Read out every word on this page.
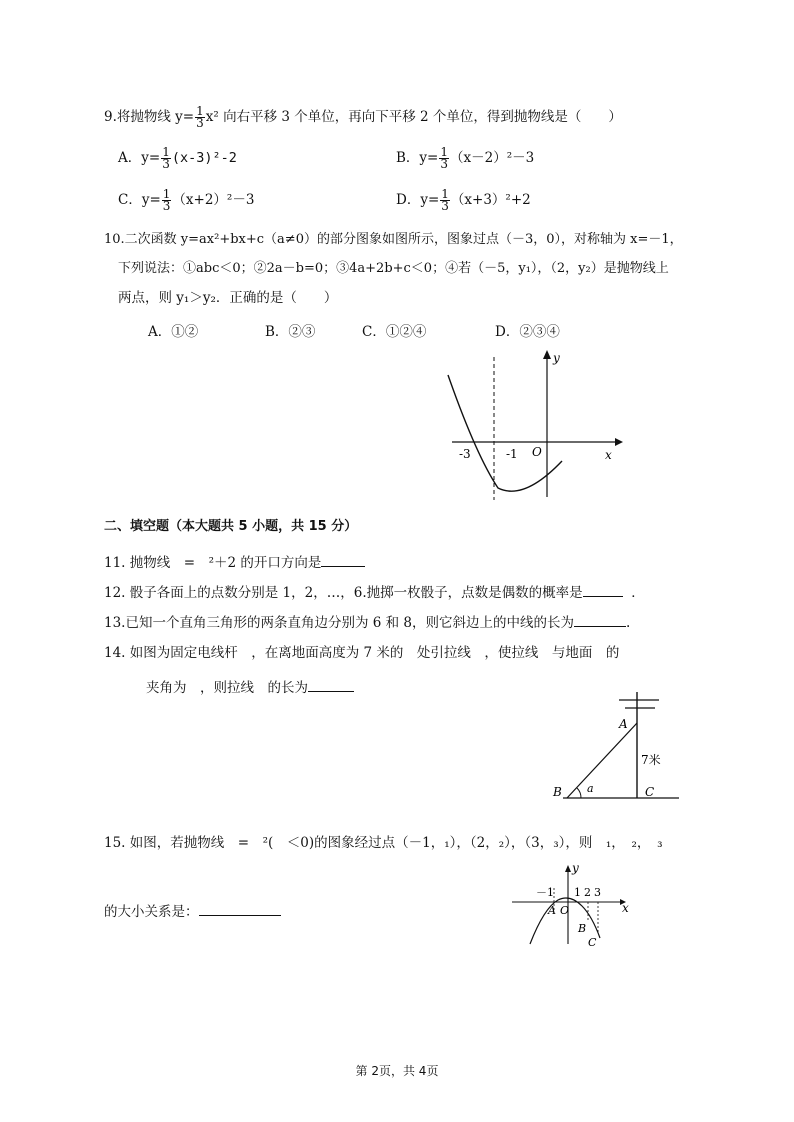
9.将抛物线 $y= \frac{1}{3} x^2$ 向右平移 3 个单位，再向下平移 2 个单位，得到抛物线是（　　）
A．$y= \frac{1}{3} (x-3)^2-2$	B．$y= \frac{1}{3} (x-2)^2-3$
C．$y= \frac{1}{3} (x+2)^2-3$	D．$y= \frac{1}{3} (x+3)^2+2$
10.二次函数 y=ax²+bx+c（a≠0）的部分图象如图所示，图象过点（－3，0），对称轴为 x=－1，
下列说法：①abc＜0；②2a－b=0；③4a+2b+c＜0；④若（－5，y₁），（2，y₂）是抛物线上
两点，则 y₁＞y₂．正确的是（　　）
A．①②	B．②③	C．①②④	D．②③④
y
x
-3	-1 O
二、填空题（本大题共 5 小题，共 15 分）
11. 抛物线　=　²＋2 的开口方向是
12. 骰子各面上的点数分别是 1，2，…，6.抛掷一枚骰子，点数是偶数的概率是	．
13.已知一个直角三角形的两条直角边分别为 6 和 8，则它斜边上的中线的长为	.
14. 如图为固定电线杆　，在离地面高度为 7 米的　处引拉线　，使拉线　与地面　的
夹角为　，则拉线　的长为
A
B	C
a
7米
15. 如图，若抛物线　=　²(　＜0)的图象经过点（－1，₁），（2，₂），（3，₃），则　₁，　₂，　₃
的大小关系是：
y
x
－1 1 2 3
A O
B
C
第 2页，共 4页
